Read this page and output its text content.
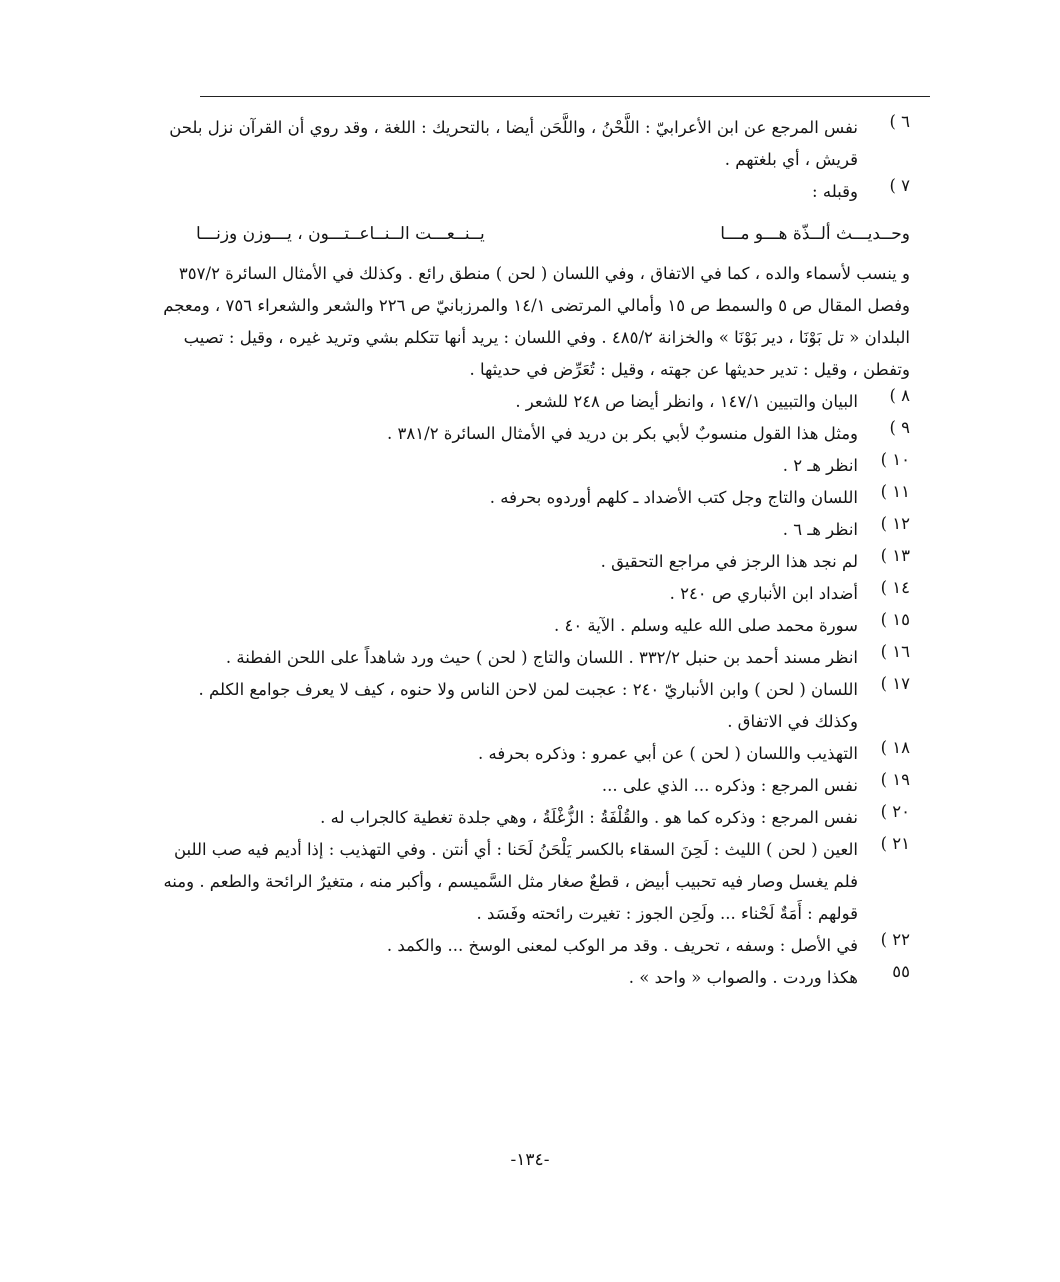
٦ )
نفس المرجع عن ابن الأعرابيّ : اللَّحْنُ ، واللَّحَن أيضا ، بالتحريك : اللغة ، وقد روي أن القرآن نزل بلحن
قريش ، أي بلغتهم .
٧ )
وقبله :
وحــديـــث ألــذّة هـــو مـــا
يــنــعـــت الــنــاعــتـــون ، يـــوزن وزنـــا
و ينسب لأسماء والده ، كما في الاتفاق ، وفي اللسان ( لحن ) منطق رائع . وكذلك في الأمثال السائرة ٣٥٧/٢
وفصل المقال ص ٥ والسمط ص ١٥ وأمالي المرتضى ١٤/١ والمرزبانيّ ص ٢٢٦ والشعر والشعراء ٧٥٦ ، ومعجم
البلدان « تل بَوْنَا ، دير بَوْنَا » والخزانة ٤٨٥/٢ . وفي اللسان : يريد أنها تتكلم بشي وتريد غيره ، وقيل : تصيب
وتفطن ، وقيل : تدير حديثها عن جهته ، وقيل : تُعَرِّض في حديثها .
٨ )
البيان والتبيين ١٤٧/١ ، وانظر أيضا ص ٢٤٨ للشعر .
٩ )
ومثل هذا القول منسوبٌ لأبي بكر بن دريد في الأمثال السائرة ٣٨١/٢ .
١٠ )
انظر هـ ٢ .
١١ )
اللسان والتاج وجل كتب الأضداد ـ كلهم أوردوه بحرفه .
١٢ )
انظر هـ ٦ .
١٣ )
لم نجد هذا الرجز في مراجع التحقيق .
١٤ )
أضداد ابن الأنباري ص ٢٤٠ .
١٥ )
سورة محمد صلى الله عليه وسلم . الآية ٤٠ .
١٦ )
انظر مسند أحمد بن حنبل ٣٣٢/٢ . اللسان والتاج ( لحن ) حيث ورد شاهداً على اللحن الفطنة .
١٧ )
اللسان ( لحن ) وابن الأنباريّ ٢٤٠ : عجبت لمن لاحن الناس ولا حنوه ، كيف لا يعرف جوامع الكلم .
وكذلك في الاتفاق .
١٨ )
التهذيب واللسان ( لحن ) عن أبي عمرو : وذكره بحرفه .
١٩ )
نفس المرجع : وذكره ... الذي على ...
٢٠ )
نفس المرجع : وذكره كما هو . والقُلْفَةُ : الزُّغْلَةُ ، وهي جلدة تغطية كالجراب له .
٢١ )
العين ( لحن ) الليث : لَحِنَ السقاء بالكسر يَلْحَنُ لَحَنا : أي أنتن . وفي التهذيب : إذا أديم فيه صب اللبن
فلم يغسل وصار فيه تحبيب أبيض ، قطعٌ صغار مثل السَّميسم ، وأكبر منه ، متغيرٌ الرائحة والطعم . ومنه
قولهم : أَمَةٌ لَحْناء ... ولَحِن الجوز : تغيرت رائحته وفَسَد .
٢٢ )
في الأصل : وسفه ، تحريف . وقد مر الوكب لمعنى الوسخ ... والكمد .
٥٥
هكذا وردت . والصواب « واحد » .
-١٣٤-
